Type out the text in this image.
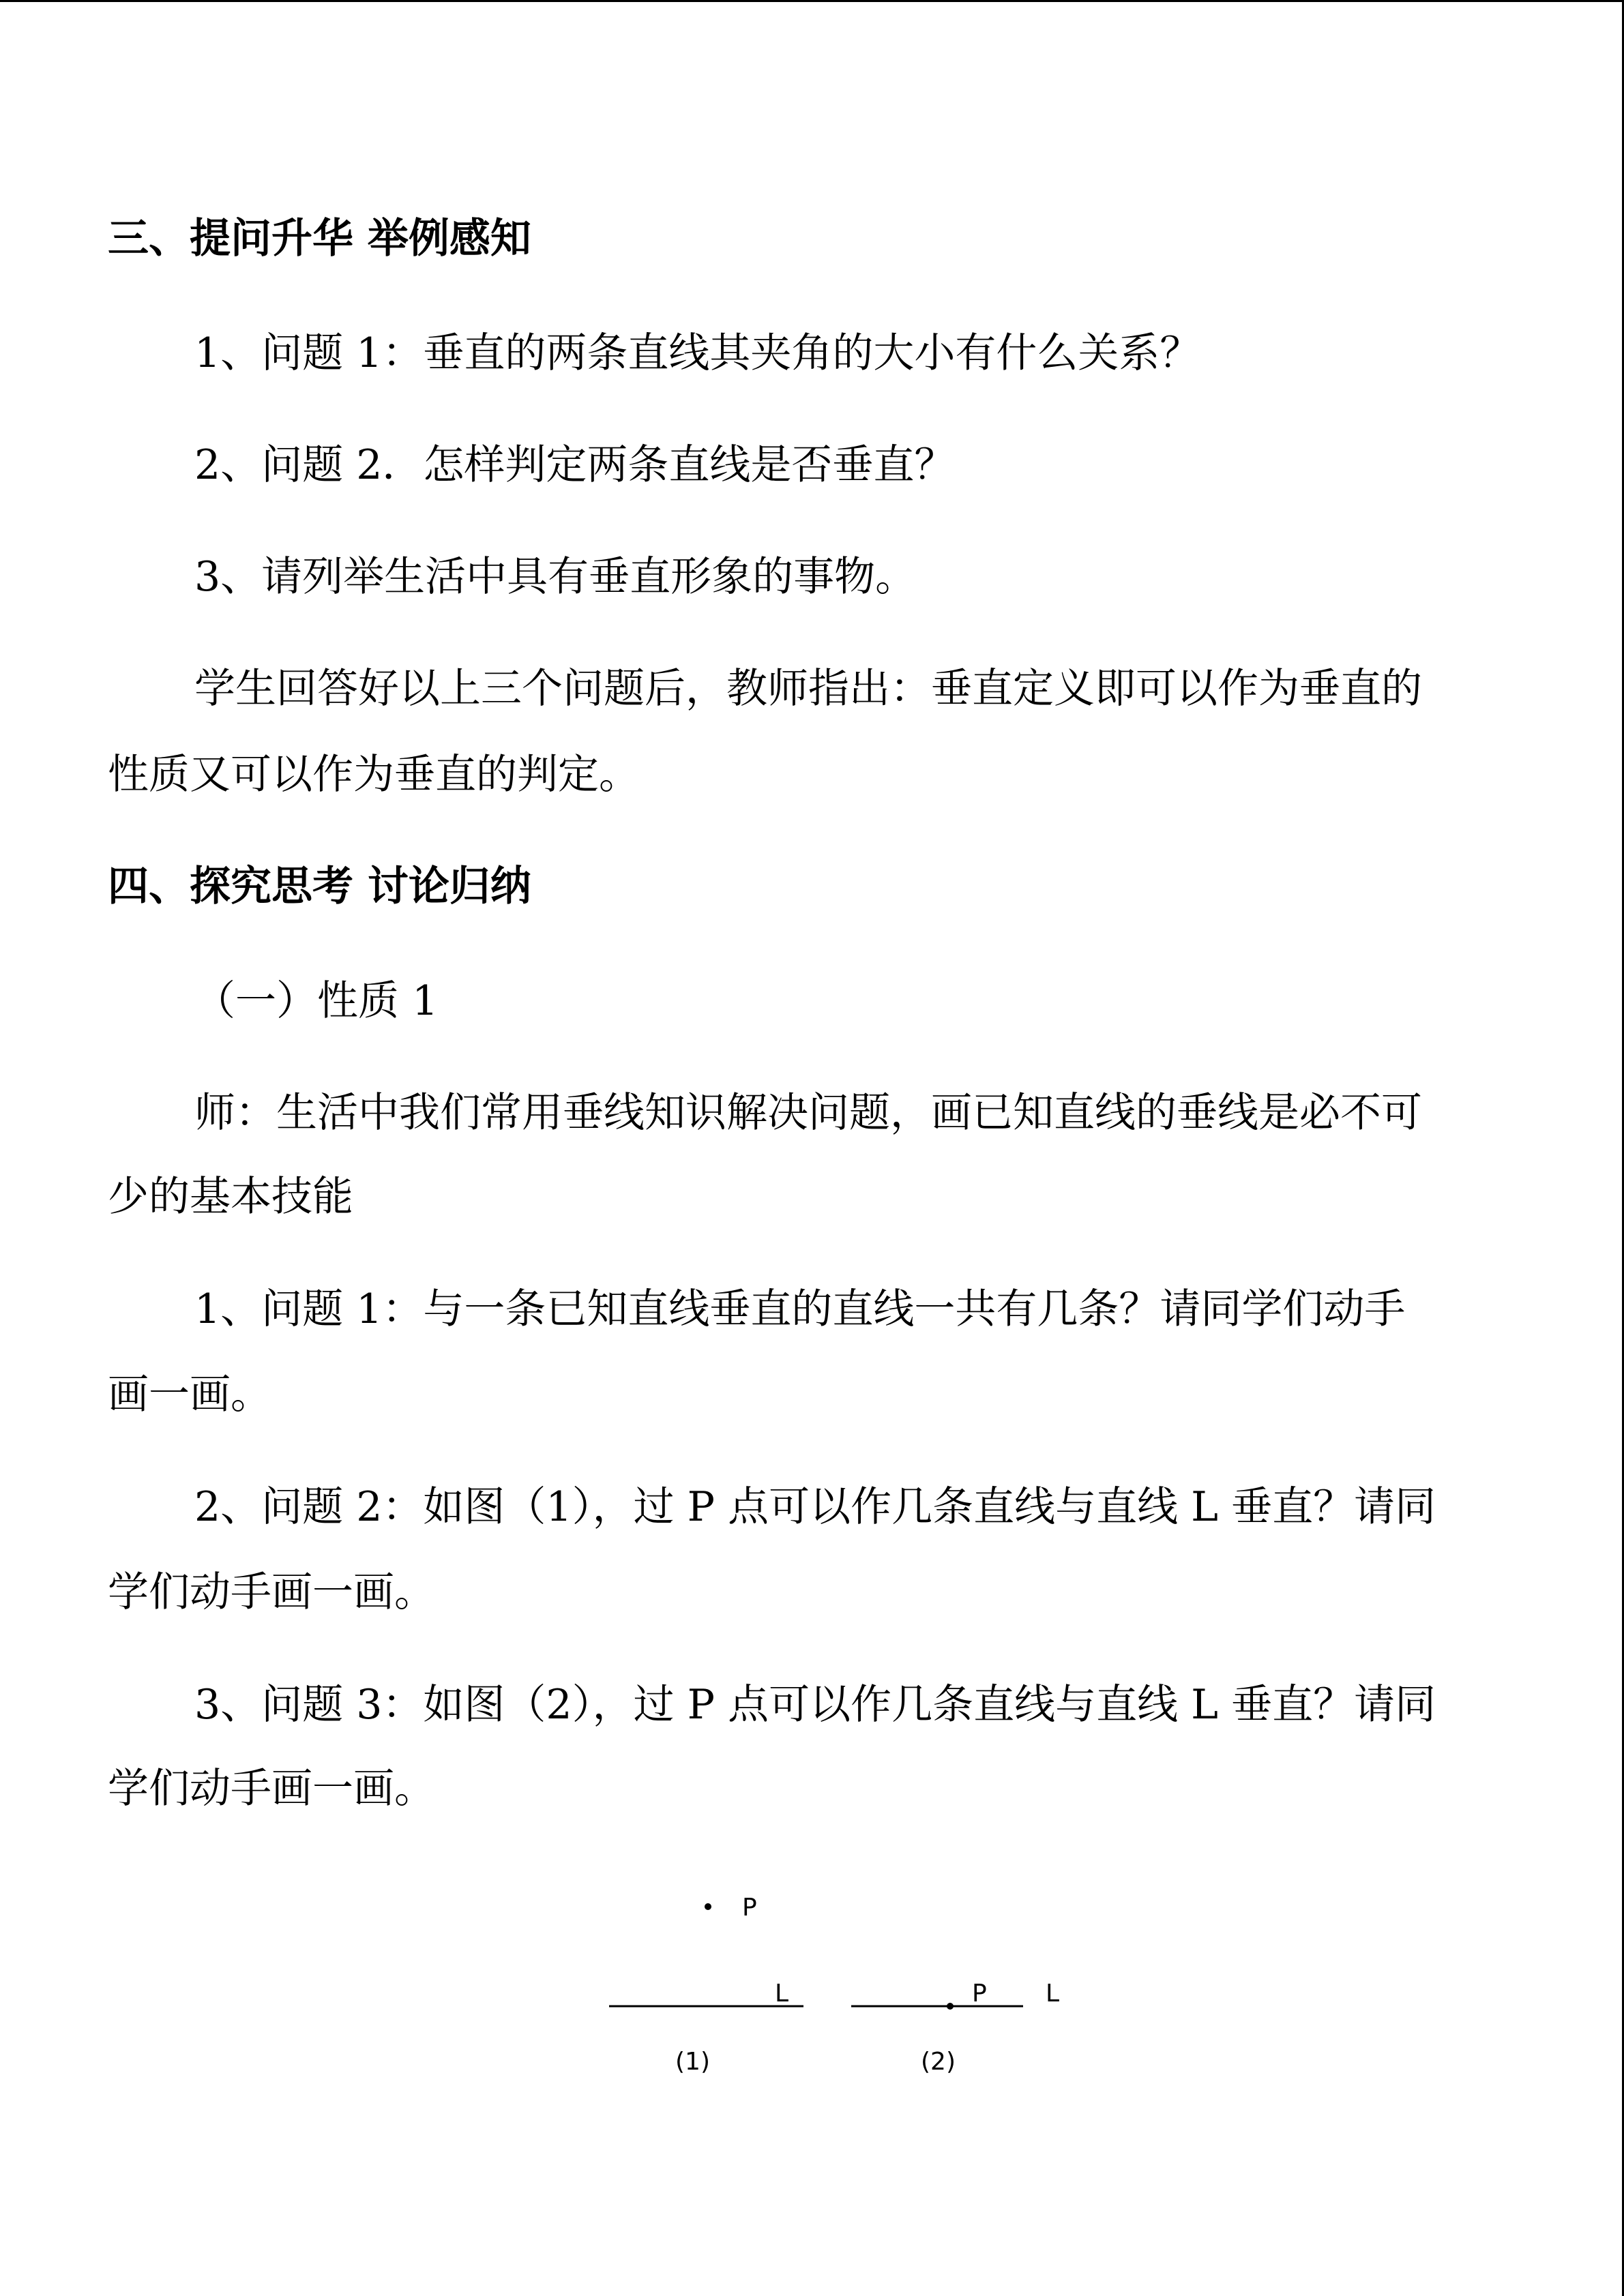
三、提问升华 举例感知
1、问题 1：垂直的两条直线其夹角的大小有什么关系？
2、问题 2．怎样判定两条直线是否垂直？
3、请列举生活中具有垂直形象的事物。
学生回答好以上三个问题后，教师指出：垂直定义即可以作为垂直的
性质又可以作为垂直的判定。
四、探究思考 讨论归纳
（一）性质 1
师：生活中我们常用垂线知识解决问题，画已知直线的垂线是必不可
少的基本技能
1、问题 1：与一条已知直线垂直的直线一共有几条？请同学们动手
画一画。
2、问题 2：如图（1），过 P 点可以作几条直线与直线 L 垂直？请同
学们动手画一画。
3、问题 3：如图（2），过 P 点可以作几条直线与直线 L 垂直？请同
学们动手画一画。
P
L
(1)
P L
(2)
